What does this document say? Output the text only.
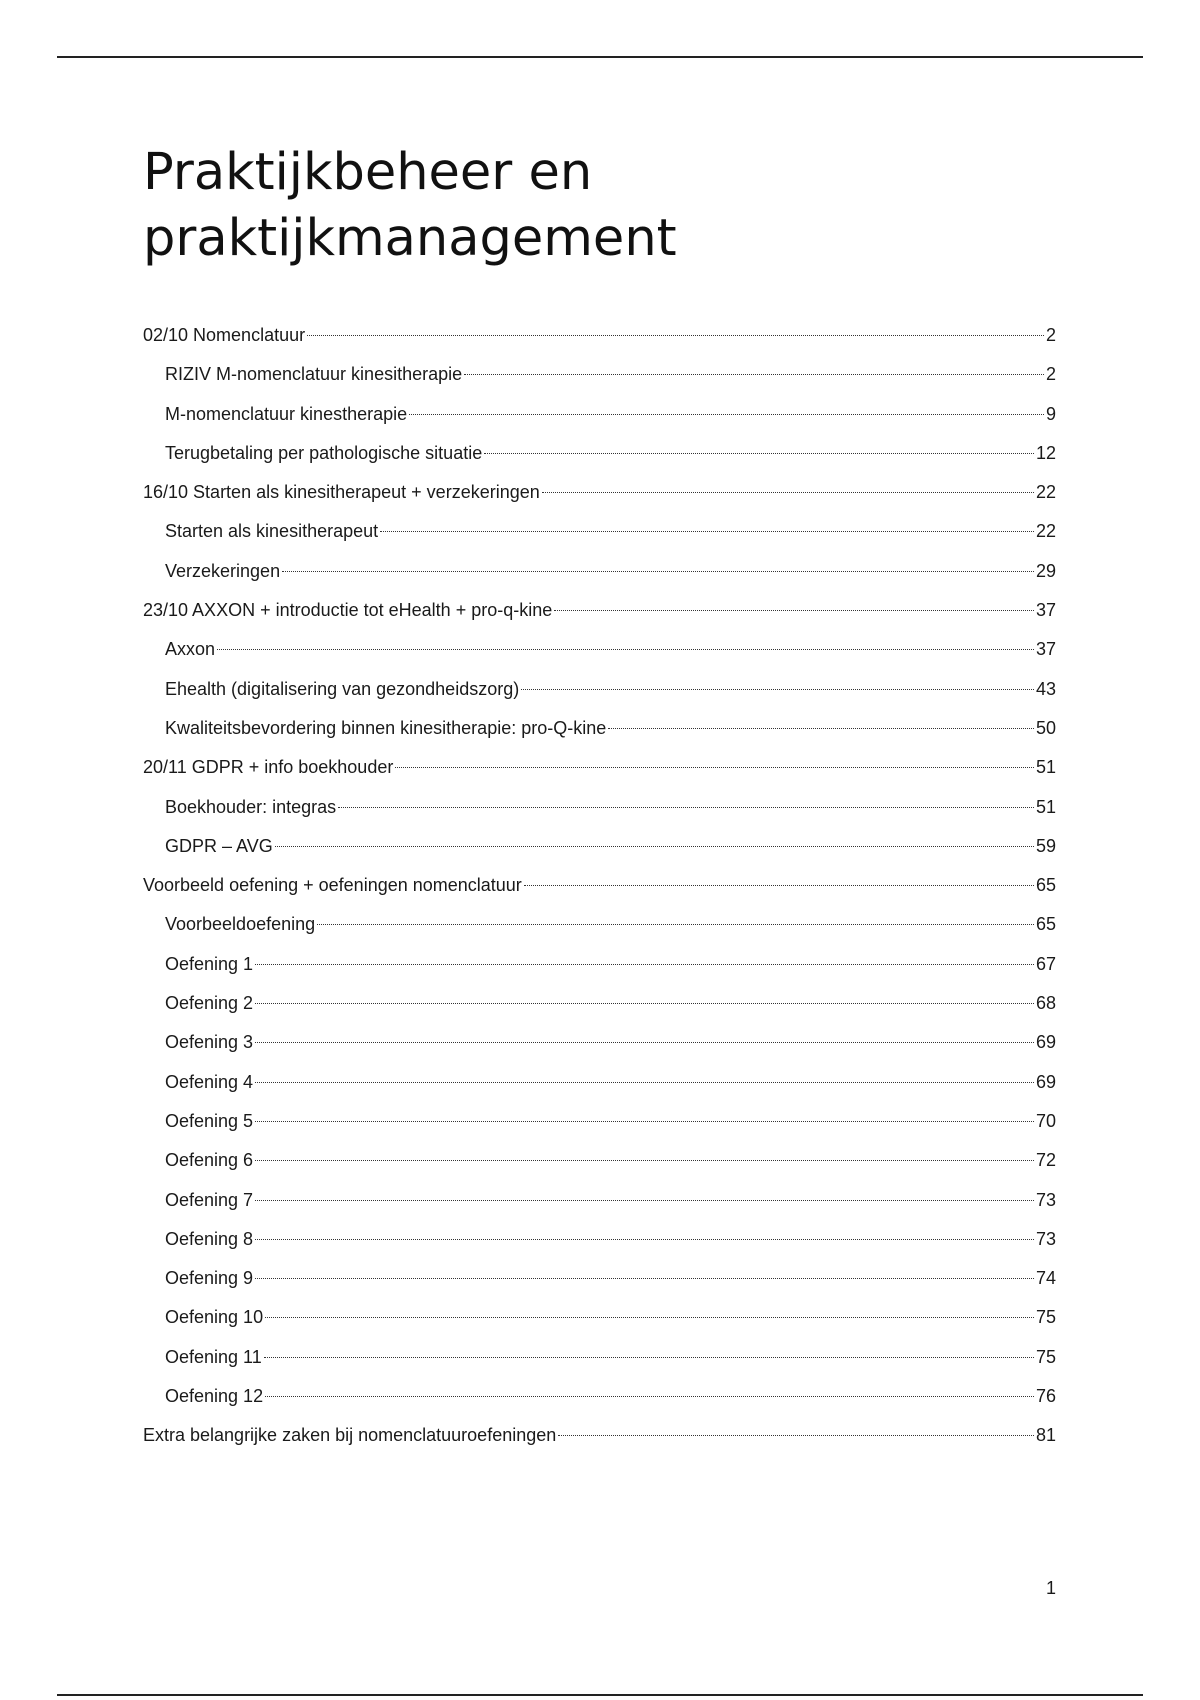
Praktijkbeheer en praktijkmanagement
02/10 Nomenclatuur	2
RIZIV M-nomenclatuur kinesitherapie	2
M-nomenclatuur kinestherapie	9
Terugbetaling per pathologische situatie	12
16/10 Starten als kinesitherapeut + verzekeringen	22
Starten als kinesitherapeut	22
Verzekeringen	29
23/10 AXXON + introductie tot eHealth + pro-q-kine	37
Axxon	37
Ehealth (digitalisering van gezondheidszorg)	43
Kwaliteitsbevordering binnen kinesitherapie: pro-Q-kine	50
20/11 GDPR + info boekhouder	51
Boekhouder: integras	51
GDPR – AVG	59
Voorbeeld oefening + oefeningen nomenclatuur	65
Voorbeeldoefening	65
Oefening 1	67
Oefening 2	68
Oefening 3	69
Oefening 4	69
Oefening 5	70
Oefening 6	72
Oefening 7	73
Oefening 8	73
Oefening 9	74
Oefening 10	75
Oefening 11	75
Oefening 12	76
Extra belangrijke zaken bij nomenclatuuroefeningen	81
1
